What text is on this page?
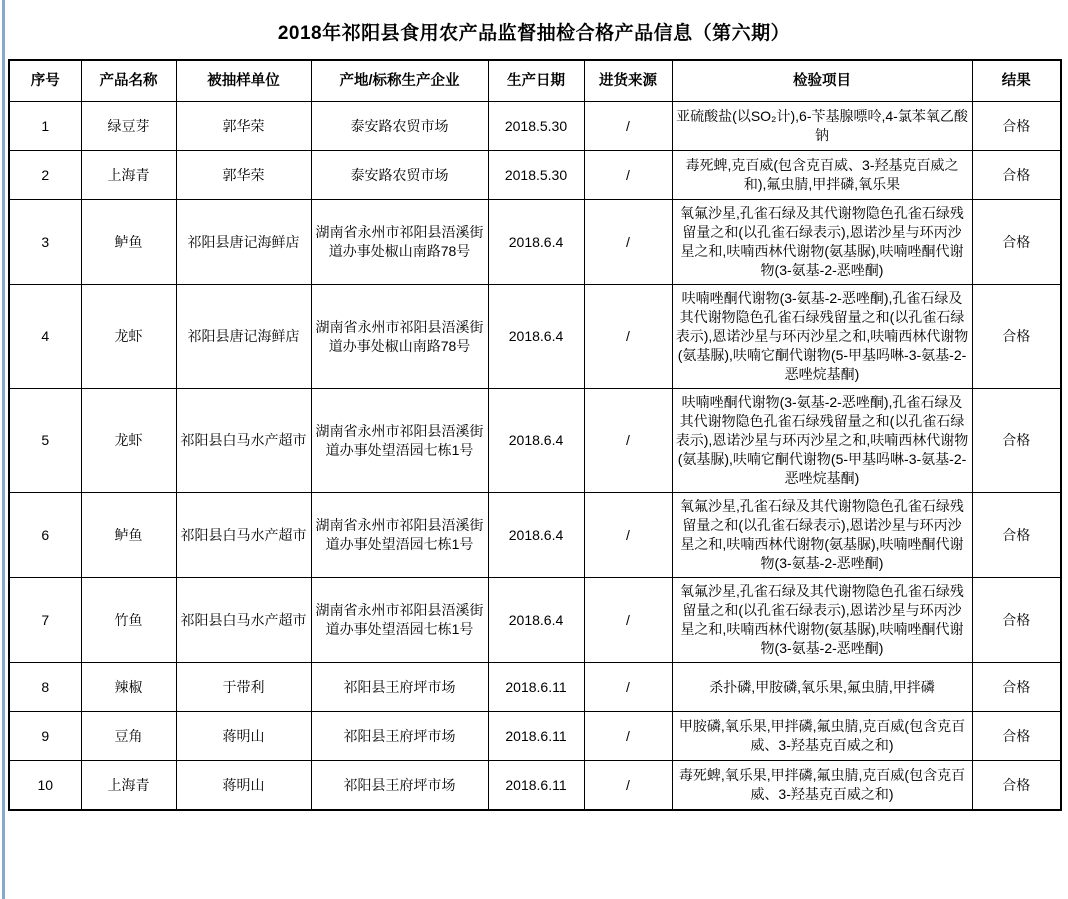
2018年祁阳县食用农产品监督抽检合格产品信息（第六期）
序号	产品名称	被抽样单位	产地/标称生产企业	生产日期	进货来源	检验项目	结果
1	绿豆芽	郭华荣	泰安路农贸市场	2018.5.30	/	亚硫酸盐(以SO₂计),6-苄基腺嘌呤,4-氯苯氧乙酸钠	合格
2	上海青	郭华荣	泰安路农贸市场	2018.5.30	/	毒死蜱,克百威(包含克百威、3-羟基克百威之和),氟虫腈,甲拌磷,氧乐果	合格
3	鲈鱼	祁阳县唐记海鲜店	湖南省永州市祁阳县浯溪街道办事处椒山南路78号	2018.6.4	/	氧氟沙星,孔雀石绿及其代谢物隐色孔雀石绿残留量之和(以孔雀石绿表示),恩诺沙星与环丙沙星之和,呋喃西林代谢物(氨基脲),呋喃唑酮代谢物(3-氨基-2-恶唑酮)	合格
4	龙虾	祁阳县唐记海鲜店	湖南省永州市祁阳县浯溪街道办事处椒山南路78号	2018.6.4	/	呋喃唑酮代谢物(3-氨基-2-恶唑酮),孔雀石绿及其代谢物隐色孔雀石绿残留量之和(以孔雀石绿表示),恩诺沙星与环丙沙星之和,呋喃西林代谢物(氨基脲),呋喃它酮代谢物(5-甲基吗啉-3-氨基-2-恶唑烷基酮)	合格
5	龙虾	祁阳县白马水产超市	湖南省永州市祁阳县浯溪街道办事处望浯园七栋1号	2018.6.4	/	呋喃唑酮代谢物(3-氨基-2-恶唑酮),孔雀石绿及其代谢物隐色孔雀石绿残留量之和(以孔雀石绿表示),恩诺沙星与环丙沙星之和,呋喃西林代谢物(氨基脲),呋喃它酮代谢物(5-甲基吗啉-3-氨基-2-恶唑烷基酮)	合格
6	鲈鱼	祁阳县白马水产超市	湖南省永州市祁阳县浯溪街道办事处望浯园七栋1号	2018.6.4	/	氧氟沙星,孔雀石绿及其代谢物隐色孔雀石绿残留量之和(以孔雀石绿表示),恩诺沙星与环丙沙星之和,呋喃西林代谢物(氨基脲),呋喃唑酮代谢物(3-氨基-2-恶唑酮)	合格
7	竹鱼	祁阳县白马水产超市	湖南省永州市祁阳县浯溪街道办事处望浯园七栋1号	2018.6.4	/	氧氟沙星,孔雀石绿及其代谢物隐色孔雀石绿残留量之和(以孔雀石绿表示),恩诺沙星与环丙沙星之和,呋喃西林代谢物(氨基脲),呋喃唑酮代谢物(3-氨基-2-恶唑酮)	合格
8	辣椒	于带利	祁阳县王府坪市场	2018.6.11	/	杀扑磷,甲胺磷,氧乐果,氟虫腈,甲拌磷	合格
9	豆角	蒋明山	祁阳县王府坪市场	2018.6.11	/	甲胺磷,氧乐果,甲拌磷,氟虫腈,克百威(包含克百威、3-羟基克百威之和)	合格
10	上海青	蒋明山	祁阳县王府坪市场	2018.6.11	/	毒死蜱,氧乐果,甲拌磷,氟虫腈,克百威(包含克百威、3-羟基克百威之和)	合格
